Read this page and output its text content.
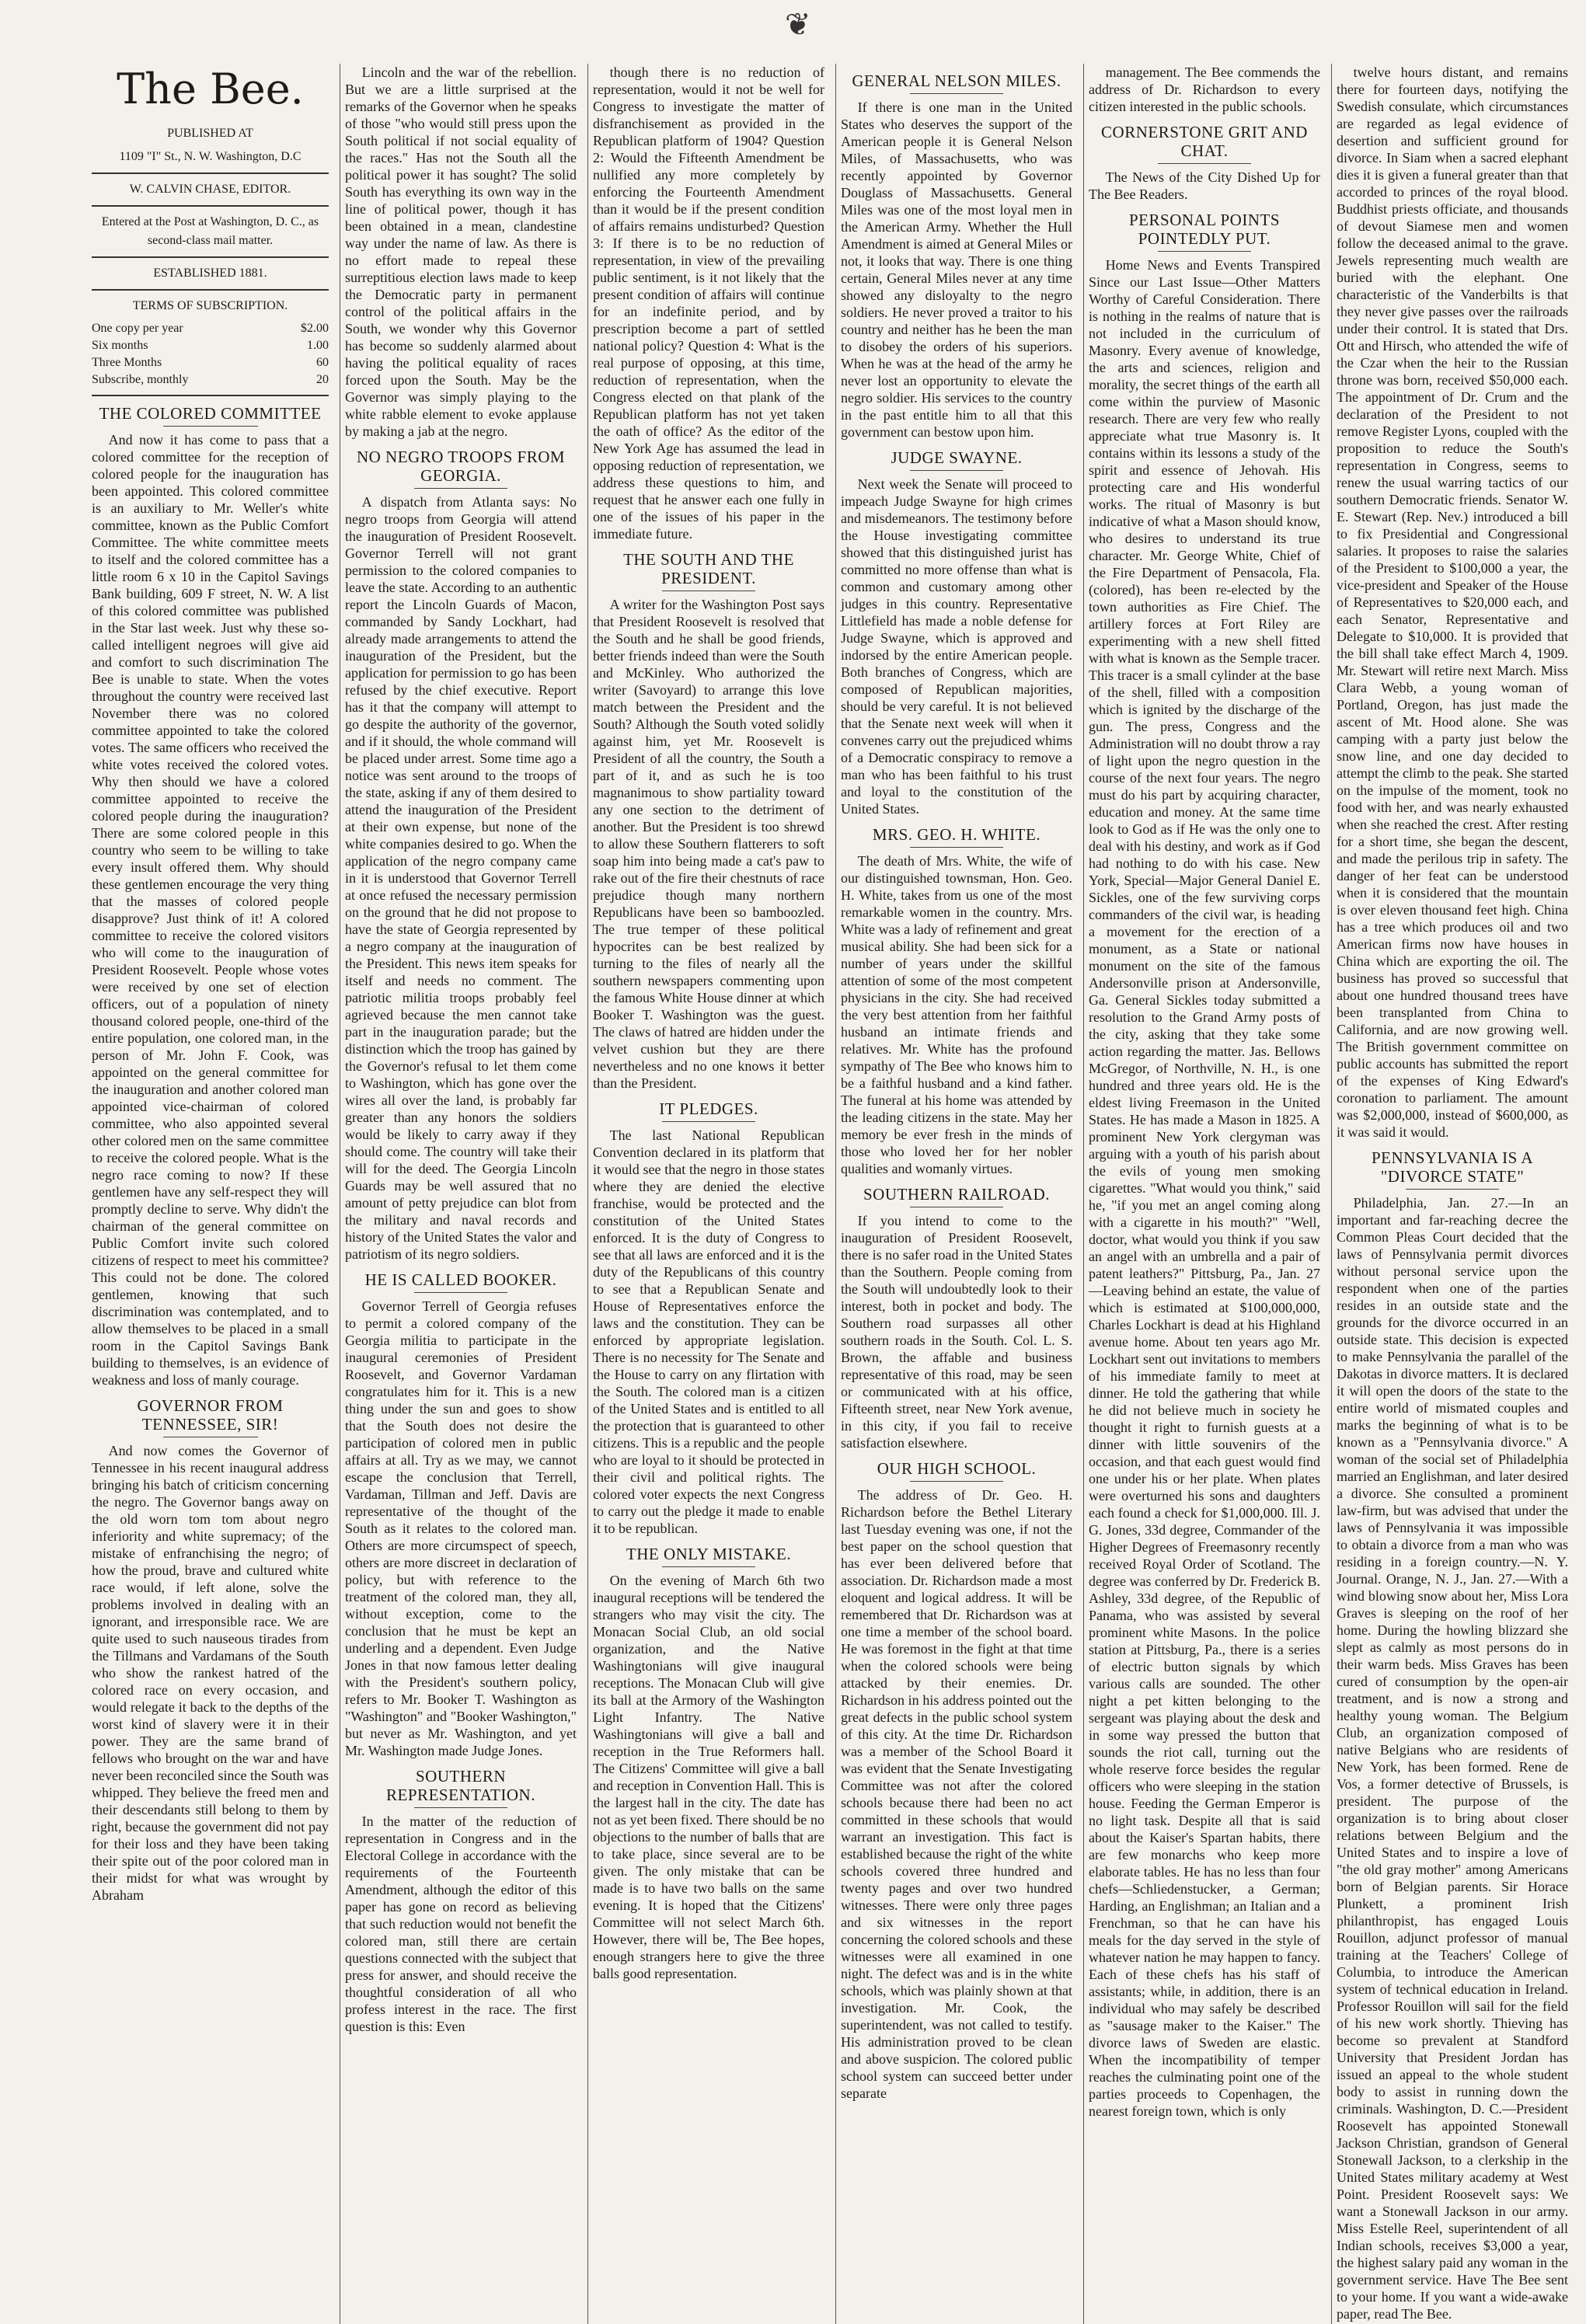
❦
The Bee.
PUBLISHED AT
1109 "I" St., N. W. Washington, D.C
W. CALVIN CHASE, EDITOR.
Entered at the Post at Washington, D. C., as second-class mail matter.
ESTABLISHED 1881.
TERMS OF SUBSCRIPTION.
One copy per year	$2.00
Six months	1.00
Three Months	60
Subscribe, monthly	20
THE COLORED COMMITTEE

And now it has come to pass that a colored committee for the reception of colored people for the inauguration has been appointed. This colored committee is an auxiliary to Mr. Weller's white committee, known as the Public Comfort Committee. The white committee meets to itself and the colored committee has a little room 6 x 10 in the Capitol Savings Bank building, 609 F street, N. W. A list of this colored committee was published in the Star last week. Just why these so-called intelligent negroes will give aid and comfort to such discrimination The Bee is unable to state. When the votes throughout the country were received last November there was no colored committee appointed to take the colored votes. The same officers who received the white votes received the colored votes. Why then should we have a colored committee appointed to receive the colored people during the inauguration? There are some colored people in this country who seem to be willing to take every insult offered them. Why should these gentlemen encourage the very thing that the masses of colored people disapprove? Just think of it! A colored committee to receive the colored visitors who will come to the inauguration of President Roosevelt. People whose votes were received by one set of election officers, out of a population of ninety thousand colored people, one-third of the entire population, one colored man, in the person of Mr. John F. Cook, was appointed on the general committee for the inauguration and another colored man appointed vice-chairman of colored committee, who also appointed several other colored men on the same committee to receive the colored people. What is the negro race coming to now? If these gentlemen have any self-respect they will promptly decline to serve. Why didn't the chairman of the general committee on Public Comfort invite such colored citizens of respect to meet his committee? This could not be done. The colored gentlemen, knowing that such discrimination was contemplated, and to allow themselves to be placed in a small room in the Capitol Savings Bank building to themselves, is an evidence of weakness and loss of manly courage.

GOVERNOR FROM TENNESSEE, SIR!

And now comes the Governor of Tennessee in his recent inaugural address bringing his batch of criticism concerning the negro. The Governor bangs away on the old worn tom tom about negro inferiority and white supremacy; of the mistake of enfranchising the negro; of how the proud, brave and cultured white race would, if left alone, solve the problems involved in dealing with an ignorant, and irresponsible race. We are quite used to such nauseous tirades from the Tillmans and Vardamans of the South who show the rankest hatred of the colored race on every occasion, and would relegate it back to the depths of the worst kind of slavery were it in their power. They are the same brand of fellows who brought on the war and have never been reconciled since the South was whipped. They believe the freed men and their descendants still belong to them by right, because the government did not pay for their loss and they have been taking their spite out of the poor colored man in their midst for what was wrought by Abraham

Lincoln and the war of the rebellion. But we are a little surprised at the remarks of the Governor when he speaks of those "who would still press upon the South political if not social equality of the races." Has not the South all the political power it has sought? The solid South has everything its own way in the line of political power, though it has been obtained in a mean, clandestine way under the name of law. As there is no effort made to repeal these surreptitious election laws made to keep the Democratic party in permanent control of the political affairs in the South, we wonder why this Governor has become so suddenly alarmed about having the political equality of races forced upon the South. May be the Governor was simply playing to the white rabble element to evoke applause by making a jab at the negro.

NO NEGRO TROOPS FROM GEORGIA.

A dispatch from Atlanta says: No negro troops from Georgia will attend the inauguration of President Roosevelt. Governor Terrell will not grant permission to the colored companies to leave the state. According to an authentic report the Lincoln Guards of Macon, commanded by Sandy Lockhart, had already made arrangements to attend the inauguration of the President, but the application for permission to go has been refused by the chief executive. Report has it that the company will attempt to go despite the authority of the governor, and if it should, the whole command will be placed under arrest. Some time ago a notice was sent around to the troops of the state, asking if any of them desired to attend the inauguration of the President at their own expense, but none of the white companies desired to go. When the application of the negro company came in it is understood that Governor Terrell at once refused the necessary permission on the ground that he did not propose to have the state of Georgia represented by a negro company at the inauguration of the President. This news item speaks for itself and needs no comment. The patriotic militia troops probably feel agrieved because the men cannot take part in the inauguration parade; but the distinction which the troop has gained by the Governor's refusal to let them come to Washington, which has gone over the wires all over the land, is probably far greater than any honors the soldiers would be likely to carry away if they should come. The country will take their will for the deed. The Georgia Lincoln Guards may be well assured that no amount of petty prejudice can blot from the military and naval records and history of the United States the valor and patriotism of its negro soldiers.

HE IS CALLED BOOKER.

Governor Terrell of Georgia refuses to permit a colored company of the Georgia militia to participate in the inaugural ceremonies of President Roosevelt, and Governor Vardaman congratulates him for it. This is a new thing under the sun and goes to show that the South does not desire the participation of colored men in public affairs at all. Try as we may, we cannot escape the conclusion that Terrell, Vardaman, Tillman and Jeff. Davis are representative of the thought of the South as it relates to the colored man. Others are more circumspect of speech, others are more discreet in declaration of policy, but with reference to the treatment of the colored man, they all, without exception, come to the conclusion that he must be kept an underling and a dependent. Even Judge Jones in that now famous letter dealing with the President's southern policy, refers to Mr. Booker T. Washington as "Washington" and "Booker Washington," but never as Mr. Washington, and yet Mr. Washington made Judge Jones.

SOUTHERN REPRESENTATION.

In the matter of the reduction of representation in Congress and in the Electoral College in accordance with the requirements of the Fourteenth Amendment, although the editor of this paper has gone on record as believing that such reduction would not benefit the colored man, still there are certain questions connected with the subject that press for answer, and should receive the thoughtful consideration of all who profess interest in the race. The first question is this: Even

though there is no reduction of representation, would it not be well for Congress to investigate the matter of disfranchisement as provided in the Republican platform of 1904? Question 2: Would the Fifteenth Amendment be nullified any more completely by enforcing the Fourteenth Amendment than it would be if the present condition of affairs remains undisturbed? Question 3: If there is to be no reduction of representation, in view of the prevailing public sentiment, is it not likely that the present condition of affairs will continue for an indefinite period, and by prescription become a part of settled national policy? Question 4: What is the real purpose of opposing, at this time, reduction of representation, when the Congress elected on that plank of the Republican platform has not yet taken the oath of office? As the editor of the New York Age has assumed the lead in opposing reduction of representation, we address these questions to him, and request that he answer each one fully in one of the issues of his paper in the immediate future.

THE SOUTH AND THE PRESIDENT.

A writer for the Washington Post says that President Roosevelt is resolved that the South and he shall be good friends, better friends indeed than were the South and McKinley. Who authorized the writer (Savoyard) to arrange this love match between the President and the South? Although the South voted solidly against him, yet Mr. Roosevelt is President of all the country, the South a part of it, and as such he is too magnanimous to show partiality toward any one section to the detriment of another. But the President is too shrewd to allow these Southern flatterers to soft soap him into being made a cat's paw to rake out of the fire their chestnuts of race prejudice though many northern Republicans have been so bamboozled. The true temper of these political hypocrites can be best realized by turning to the files of nearly all the southern newspapers commenting upon the famous White House dinner at which Booker T. Washington was the guest. The claws of hatred are hidden under the velvet cushion but they are there nevertheless and no one knows it better than the President.

IT PLEDGES.

The last National Republican Convention declared in its platform that it would see that the negro in those states where they are denied the elective franchise, would be protected and the constitution of the United States enforced. It is the duty of Congress to see that all laws are enforced and it is the duty of the Republicans of this country to see that a Republican Senate and House of Representatives enforce the laws and the constitution. They can be enforced by appropriate legislation. There is no necessity for The Senate and the House to carry on any flirtation with the South. The colored man is a citizen of the United States and is entitled to all the protection that is guaranteed to other citizens. This is a republic and the people who are loyal to it should be protected in their civil and political rights. The colored voter expects the next Congress to carry out the pledge it made to enable it to be republican.

THE ONLY MISTAKE.

On the evening of March 6th two inaugural receptions will be tendered the strangers who may visit the city. The Monacan Social Club, an old social organization, and the Native Washingtonians will give inaugural receptions. The Monacan Club will give its ball at the Armory of the Washington Light Infantry. The Native Washingtonians will give a ball and reception in the True Reformers hall. The Citizens' Committee will give a ball and reception in Convention Hall. This is the largest hall in the city. The date has not as yet been fixed. There should be no objections to the number of balls that are to take place, since several are to be given. The only mistake that can be made is to have two balls on the same evening. It is hoped that the Citizens' Committee will not select March 6th. However, there will be, The Bee hopes, enough strangers here to give the three balls good representation.

GENERAL NELSON MILES.

If there is one man in the United States who deserves the support of the American people it is General Nelson Miles, of Massachusetts, who was recently appointed by Governor Douglass of Massachusetts. General Miles was one of the most loyal men in the American Army. Whether the Hull Amendment is aimed at General Miles or not, it looks that way. There is one thing certain, General Miles never at any time showed any disloyalty to the negro soldiers. He never proved a traitor to his country and neither has he been the man to disobey the orders of his superiors. When he was at the head of the army he never lost an opportunity to elevate the negro soldier. His services to the country in the past entitle him to all that this government can bestow upon him.

JUDGE SWAYNE.

Next week the Senate will proceed to impeach Judge Swayne for high crimes and misdemeanors. The testimony before the House investigating committee showed that this distinguished jurist has committed no more offense than what is common and customary among other judges in this country. Representative Littlefield has made a noble defense for Judge Swayne, which is approved and indorsed by the entire American people. Both branches of Congress, which are composed of Republican majorities, should be very careful. It is not believed that the Senate next week will when it convenes carry out the prejudiced whims of a Democratic conspiracy to remove a man who has been faithful to his trust and loyal to the constitution of the United States.

MRS. GEO. H. WHITE.

The death of Mrs. White, the wife of our distinguished townsman, Hon. Geo. H. White, takes from us one of the most remarkable women in the country. Mrs. White was a lady of refinement and great musical ability. She had been sick for a number of years under the skillful attention of some of the most competent physicians in the city. She had received the very best attention from her faithful husband an intimate friends and relatives. Mr. White has the profound sympathy of The Bee who knows him to be a faithful husband and a kind father. The funeral at his home was attended by the leading citizens in the state. May her memory be ever fresh in the minds of those who loved her for her nobler qualities and womanly virtues.

SOUTHERN RAILROAD.

If you intend to come to the inauguration of President Roosevelt, there is no safer road in the United States than the Southern. People coming from the South will undoubtedly look to their interest, both in pocket and body. The Southern road surpasses all other southern roads in the South. Col. L. S. Brown, the affable and business representative of this road, may be seen or communicated with at his office, Fifteenth street, near New York avenue, in this city, if you fail to receive satisfaction elsewhere.

OUR HIGH SCHOOL.

The address of Dr. Geo. H. Richardson before the Bethel Literary last Tuesday evening was one, if not the best paper on the school question that has ever been delivered before that association. Dr. Richardson made a most eloquent and logical address. It will be remembered that Dr. Richardson was at one time a member of the school board. He was foremost in the fight at that time when the colored schools were being attacked by their enemies. Dr. Richardson in his address pointed out the great defects in the public school system of this city. At the time Dr. Richardson was a member of the School Board it was evident that the Senate Investigating Committee was not after the colored schools because there had been no act committed in these schools that would warrant an investigation. This fact is established because the right of the white schools covered three hundred and twenty pages and over two hundred witnesses. There were only three pages and six witnesses in the report concerning the colored schools and these witnesses were all examined in one night. The defect was and is in the white schools, which was plainly shown at that investigation. Mr. Cook, the superintendent, was not called to testify. His administration proved to be clean and above suspicion. The colored public school system can succeed better under separate

management. The Bee commends the address of Dr. Richardson to every citizen interested in the public schools.

CORNERSTONE GRIT AND CHAT.

The News of the City Dished Up for The Bee Readers.

PERSONAL POINTS POINTEDLY PUT.

Home News and Events Transpired Since our Last Issue—Other Matters Worthy of Careful Consideration. There is nothing in the realms of nature that is not included in the curriculum of Masonry. Every avenue of knowledge, the arts and sciences, religion and morality, the secret things of the earth all come within the purview of Masonic research. There are very few who really appreciate what true Masonry is. It contains within its lessons a study of the spirit and essence of Jehovah. His protecting care and His wonderful works. The ritual of Masonry is but indicative of what a Mason should know, who desires to understand its true character. Mr. George White, Chief of the Fire Department of Pensacola, Fla. (colored), has been re-elected by the town authorities as Fire Chief. The artillery forces at Fort Riley are experimenting with a new shell fitted with what is known as the Semple tracer. This tracer is a small cylinder at the base of the shell, filled with a composition which is ignited by the discharge of the gun. The press, Congress and the Administration will no doubt throw a ray of light upon the negro question in the course of the next four years. The negro must do his part by acquiring character, education and money. At the same time look to God as if He was the only one to deal with his destiny, and work as if God had nothing to do with his case. New York, Special—Major General Daniel E. Sickles, one of the few surviving corps commanders of the civil war, is heading a movement for the erection of a monument, as a State or national monument on the site of the famous Andersonville prison at Andersonville, Ga. General Sickles today submitted a resolution to the Grand Army posts of the city, asking that they take some action regarding the matter. Jas. Bellows McGregor, of Northville, N. H., is one hundred and three years old. He is the eldest living Freemason in the United States. He has made a Mason in 1825. A prominent New York clergyman was arguing with a youth of his parish about the evils of young men smoking cigarettes. "What would you think," said he, "if you met an angel coming along with a cigarette in his mouth?" "Well, doctor, what would you think if you saw an angel with an umbrella and a pair of patent leathers?" Pittsburg, Pa., Jan. 27—Leaving behind an estate, the value of which is estimated at $100,000,000, Charles Lockhart is dead at his Highland avenue home. About ten years ago Mr. Lockhart sent out invitations to members of his immediate family to meet at dinner. He told the gathering that while he did not believe much in society he thought it right to furnish guests at a dinner with little souvenirs of the occasion, and that each guest would find one under his or her plate. When plates were overturned his sons and daughters each found a check for $1,000,000. Ill. J. G. Jones, 33d degree, Commander of the Higher Degrees of Freemasonry recently received Royal Order of Scotland. The degree was conferred by Dr. Frederick B. Ashley, 33d degree, of the Republic of Panama, who was assisted by several prominent white Masons. In the police station at Pittsburg, Pa., there is a series of electric button signals by which various calls are sounded. The other night a pet kitten belonging to the sergeant was playing about the desk and in some way pressed the button that sounds the riot call, turning out the whole reserve force besides the regular officers who were sleeping in the station house. Feeding the German Emperor is no light task. Despite all that is said about the Kaiser's Spartan habits, there are few monarchs who keep more elaborate tables. He has no less than four chefs—Schliedenstucker, a German; Harding, an Englishman; an Italian and a Frenchman, so that he can have his meals for the day served in the style of whatever nation he may happen to fancy. Each of these chefs has his staff of assistants; while, in addition, there is an individual who may safely be described as "sausage maker to the Kaiser." The divorce laws of Sweden are elastic. When the incompatibility of temper reaches the culminating point one of the parties proceeds to Copenhagen, the nearest foreign town, which is only

twelve hours distant, and remains there for fourteen days, notifying the Swedish consulate, which circumstances are regarded as legal evidence of desertion and sufficient ground for divorce. In Siam when a sacred elephant dies it is given a funeral greater than that accorded to princes of the royal blood. Buddhist priests officiate, and thousands of devout Siamese men and women follow the deceased animal to the grave. Jewels representing much wealth are buried with the elephant. One characteristic of the Vanderbilts is that they never give passes over the railroads under their control. It is stated that Drs. Ott and Hirsch, who attended the wife of the Czar when the heir to the Russian throne was born, received $50,000 each. The appointment of Dr. Crum and the declaration of the President to not remove Register Lyons, coupled with the proposition to reduce the South's representation in Congress, seems to renew the usual warring tactics of our southern Democratic friends. Senator W. E. Stewart (Rep. Nev.) introduced a bill to fix Presidential and Congressional salaries. It proposes to raise the salaries of the President to $100,000 a year, the vice-president and Speaker of the House of Representatives to $20,000 each, and each Senator, Representative and Delegate to $10,000. It is provided that the bill shall take effect March 4, 1909. Mr. Stewart will retire next March. Miss Clara Webb, a young woman of Portland, Oregon, has just made the ascent of Mt. Hood alone. She was camping with a party just below the snow line, and one day decided to attempt the climb to the peak. She started on the impulse of the moment, took no food with her, and was nearly exhausted when she reached the crest. After resting for a short time, she began the descent, and made the perilous trip in safety. The danger of her feat can be understood when it is considered that the mountain is over eleven thousand feet high. China has a tree which produces oil and two American firms now have houses in China which are exporting the oil. The business has proved so successful that about one hundred thousand trees have been transplanted from China to California, and are now growing well. The British government committee on public accounts has submitted the report of the expenses of King Edward's coronation to parliament. The amount was $2,000,000, instead of $600,000, as it was said it would.

PENNSYLVANIA IS A "DIVORCE STATE"

Philadelphia, Jan. 27.—In an important and far-reaching decree the Common Pleas Court decided that the laws of Pennsylvania permit divorces without personal service upon the respondent when one of the parties resides in an outside state and the grounds for the divorce occurred in an outside state. This decision is expected to make Pennsylvania the parallel of the Dakotas in divorce matters. It is declared it will open the doors of the state to the entire world of mismated couples and marks the beginning of what is to be known as a "Pennsylvania divorce." A woman of the social set of Philadelphia married an Englishman, and later desired a divorce. She consulted a prominent law-firm, but was advised that under the laws of Pennsylvania it was impossible to obtain a divorce from a man who was residing in a foreign country.—N. Y. Journal. Orange, N. J., Jan. 27.—With a wind blowing snow about her, Miss Lora Graves is sleeping on the roof of her home. During the howling blizzard she slept as calmly as most persons do in their warm beds. Miss Graves has been cured of consumption by the open-air treatment, and is now a strong and healthy young woman. The Belgium Club, an organization composed of native Belgians who are residents of New York, has been formed. Rene de Vos, a former detective of Brussels, is president. The purpose of the organization is to bring about closer relations between Belgium and the United States and to inspire a love of "the old gray mother" among Americans born of Belgian parents. Sir Horace Plunkett, a prominent Irish philanthropist, has engaged Louis Rouillon, adjunct professor of manual training at the Teachers' College of Columbia, to introduce the American system of technical education in Ireland. Professor Rouillon will sail for the field of his new work shortly. Thieving has become so prevalent at Standford University that President Jordan has issued an appeal to the whole student body to assist in running down the criminals. Washington, D. C.—President Roosevelt has appointed Stonewall Jackson Christian, grandson of General Stonewall Jackson, to a clerkship in the United States military academy at West Point. President Roosevelt says: We want a Stonewall Jackson in our army. Miss Estelle Reel, superintendent of all Indian schools, receives $3,000 a year, the highest salary paid any woman in the government service. Have The Bee sent to your home. If you want a wide-awake paper, read The Bee.
